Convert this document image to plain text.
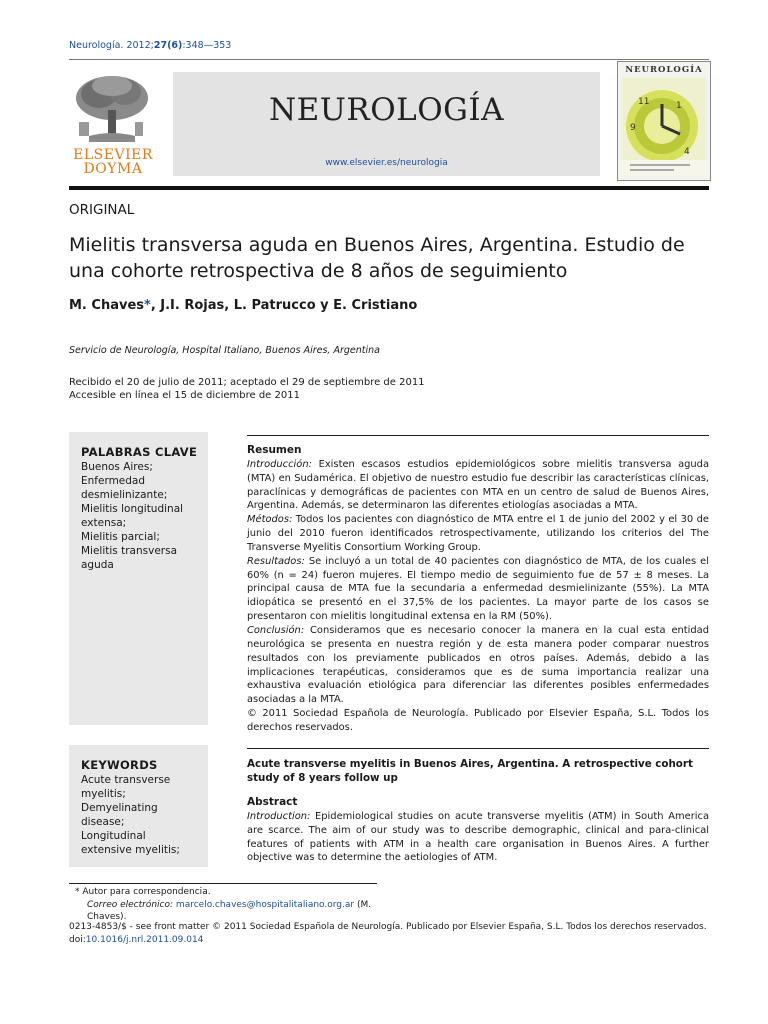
Neurología. 2012;27(6):348—353
ELSEVIER
DOYMA
NEUROLOGÍA
www.elsevier.es/neurologia
NEUROLOGÍA
11	1
9
4
ORIGINAL
Mielitis transversa aguda en Buenos Aires, Argentina. Estudio de una cohorte retrospectiva de 8 años de seguimiento
M. Chaves*, J.I. Rojas, L. Patrucco y E. Cristiano
Servicio de Neurología, Hospital Italiano, Buenos Aires, Argentina
Recibido el 20 de julio de 2011; aceptado el 29 de septiembre de 2011
Accesible en línea el 15 de diciembre de 2011
PALABRAS CLAVE
Buenos Aires;
Enfermedad
desmielinizante;
Mielitis longitudinal
extensa;
Mielitis parcial;
Mielitis transversa
aguda
Resumen
Introducción: Existen escasos estudios epidemiológicos sobre mielitis transversa aguda (MTA) en Sudamérica. El objetivo de nuestro estudio fue describir las características clínicas, paraclínicas y demográficas de pacientes con MTA en un centro de salud de Buenos Aires, Argentina. Además, se determinaron las diferentes etiologías asociadas a MTA.
Métodos: Todos los pacientes con diagnóstico de MTA entre el 1 de junio del 2002 y el 30 de junio del 2010 fueron identificados retrospectivamente, utilizando los criterios del The Transverse Myelitis Consortium Working Group.
Resultados: Se incluyó a un total de 40 pacientes con diagnóstico de MTA, de los cuales el 60% (n = 24) fueron mujeres. El tiempo medio de seguimiento fue de 57 ± 8 meses. La principal causa de MTA fue la secundaria a enfermedad desmielinizante (55%). La MTA idiopática se presentó en el 37,5% de los pacientes. La mayor parte de los casos se presentaron con mielitis longitudinal extensa en la RM (50%).
Conclusión: Consideramos que es necesario conocer la manera en la cual esta entidad neurológica se presenta en nuestra región y de esta manera poder comparar nuestros resultados con los previamente publicados en otros países. Además, debido a las implicaciones terapéuticas, consideramos que es de suma importancia realizar una exhaustiva evaluación etiológica para diferenciar las diferentes posibles enfermedades asociadas a la MTA.
© 2011 Sociedad Española de Neurología. Publicado por Elsevier España, S.L. Todos los derechos reservados.
KEYWORDS
Acute transverse
myelitis;
Demyelinating
disease;
Longitudinal
extensive myelitis;
Acute transverse myelitis in Buenos Aires, Argentina. A retrospective cohort study of 8 years follow up
Abstract
Introduction: Epidemiological studies on acute transverse myelitis (ATM) in South America are scarce. The aim of our study was to describe demographic, clinical and para-clinical features of patients with ATM in a health care organisation in Buenos Aires. A further objective was to determine the aetiologies of ATM.
* Autor para correspondencia.
Correo electrónico: marcelo.chaves@hospitalitaliano.org.ar (M. Chaves).
0213-4853/$ - see front matter © 2011 Sociedad Española de Neurología. Publicado por Elsevier España, S.L. Todos los derechos reservados.
doi:10.1016/j.nrl.2011.09.014
